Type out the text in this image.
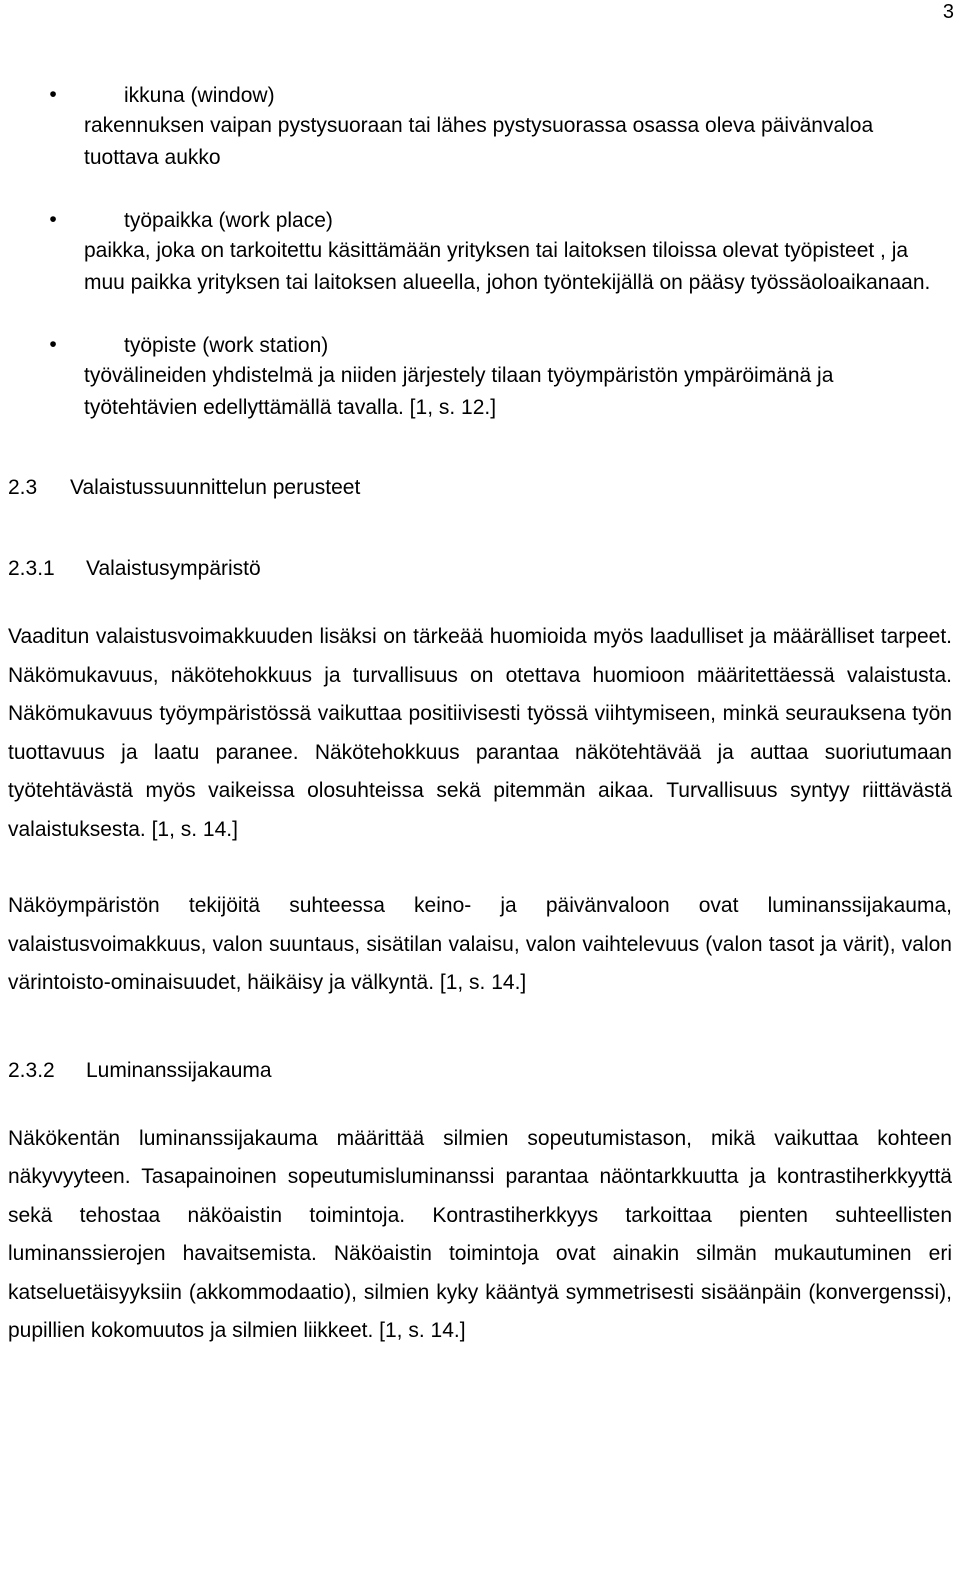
3
•	ikkuna (window)
rakennuksen vaipan pystysuoraan tai lähes pystysuorassa osassa oleva päivänvaloa tuottava aukko
•	työpaikka (work place)
paikka, joka on tarkoitettu käsittämään yrityksen tai laitoksen tiloissa olevat työpisteet , ja muu paikka yrityksen tai laitoksen alueella, johon työntekijällä on pääsy työssäoloaikanaan.
•	työpiste (work station)
työvälineiden yhdistelmä ja niiden järjestely tilaan työympäristön ympäröimänä ja työtehtävien edellyttämällä tavalla. [1, s. 12.]
2.3 Valaistussuunnittelun perusteet
2.3.1 Valaistusympäristö

Vaaditun valaistusvoimakkuuden lisäksi on tärkeää huomioida myös laadulliset ja määrälliset tarpeet. Näkömukavuus, näkötehokkuus ja turvallisuus on otettava huomioon määritettäessä valaistusta. Näkömukavuus työympäristössä vaikuttaa positiivisesti työssä viihtymiseen, minkä seurauksena työn tuottavuus ja laatu paranee. Näkötehokkuus parantaa näkötehtävää ja auttaa suoriutumaan työtehtävästä myös vaikeissa olosuhteissa sekä pitemmän aikaa. Turvallisuus syntyy riittävästä valaistuksesta. [1, s. 14.]

Näköympäristön tekijöitä suhteessa keino- ja päivänvaloon ovat luminanssijakauma, valaistusvoimakkuus, valon suuntaus, sisätilan valaisu, valon vaihtelevuus (valon tasot ja värit), valon värintoisto-ominaisuudet, häikäisy ja välkyntä. [1, s. 14.]

2.3.2 Luminanssijakauma

Näkökentän luminanssijakauma määrittää silmien sopeutumistason, mikä vaikuttaa kohteen näkyvyyteen. Tasapainoinen sopeutumisluminanssi parantaa näöntarkkuutta ja kontrastiherkkyyttä sekä tehostaa näköaistin toimintoja. Kontrastiherkkyys tarkoittaa pienten suhteellisten luminanssierojen havaitsemista. Näköaistin toimintoja ovat ainakin silmän mukautuminen eri katseluetäisyyksiin (akkommodaatio), silmien kyky kääntyä symmetrisesti sisäänpäin (konvergenssi), pupillien kokomuutos ja silmien liikkeet. [1, s. 14.]
